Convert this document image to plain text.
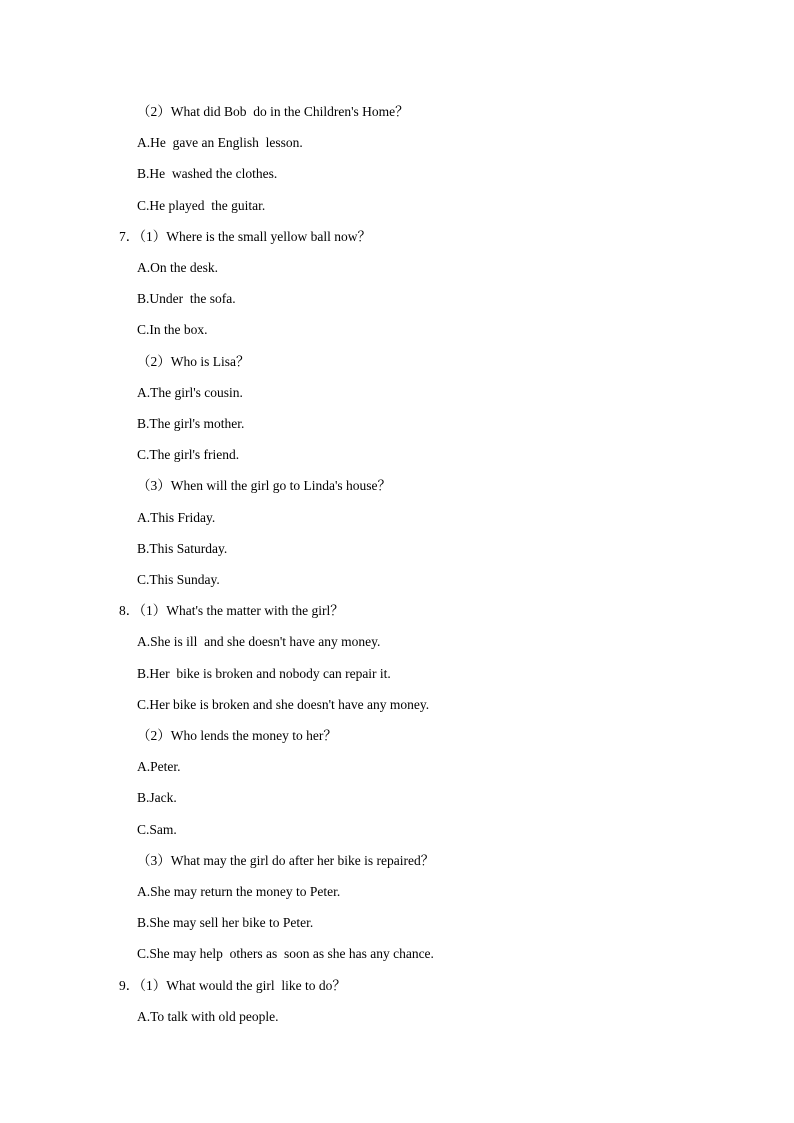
（2）What did Bob  do in the Children's Home？
A.He  gave an English  lesson.
B.He  washed the clothes.
C.He played  the guitar.
7．（1）Where is the small yellow ball now？
A.On the desk.
B.Under  the sofa.
C.In the box.
（2）Who is Lisa？
A.The girl's cousin.
B.The girl's mother.
C.The girl's friend.
（3）When will the girl go to Linda's house？
A.This Friday.
B.This Saturday.
C.This Sunday.
8．（1）What's the matter with the girl？
A.She is ill  and she doesn't have any money.
B.Her  bike is broken and nobody can repair it.
C.Her bike is broken and she doesn't have any money.
（2）Who lends the money to her？
A.Peter.
B.Jack.
C.Sam.
（3）What may the girl do after her bike is repaired？
A.She may return the money to Peter.
B.She may sell her bike to Peter.
C.She may help  others as  soon as she has any chance.
9．（1）What would the girl  like to do？
A.To talk with old people.
